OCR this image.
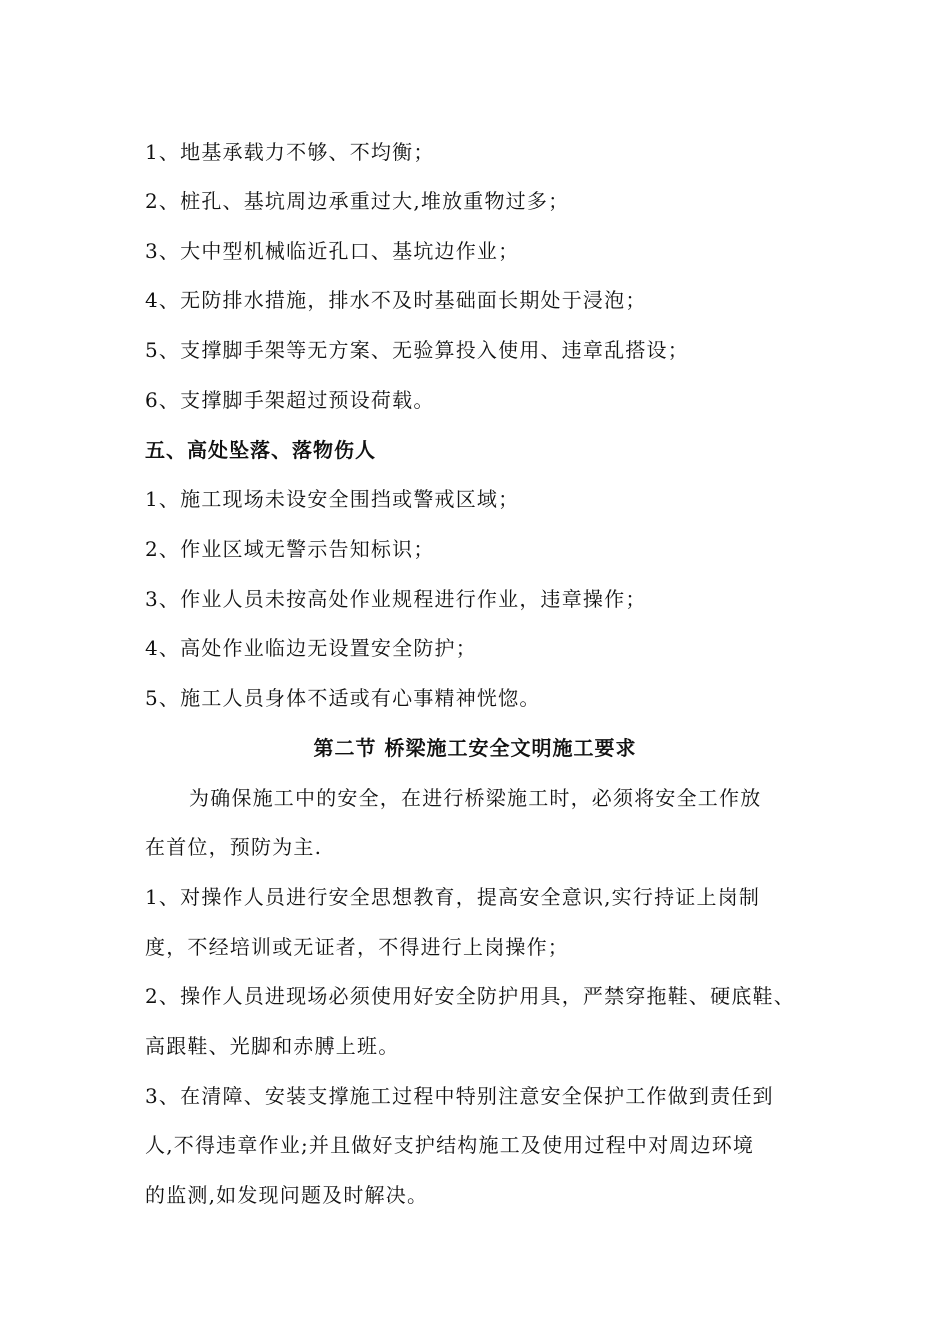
1、地基承载力不够、不均衡；
2、桩孔、基坑周边承重过大,堆放重物过多；
3、大中型机械临近孔口、基坑边作业；
4、无防排水措施，排水不及时基础面长期处于浸泡；
5、支撑脚手架等无方案、无验算投入使用、违章乱搭设；
6、支撑脚手架超过预设荷载。
五、高处坠落、落物伤人
1、施工现场未设安全围挡或警戒区域；
2、作业区域无警示告知标识；
3、作业人员未按高处作业规程进行作业，违章操作；
4、高处作业临边无设置安全防护；
5、施工人员身体不适或有心事精神恍惚。
第二节 桥梁施工安全文明施工要求
为确保施工中的安全，在进行桥梁施工时，必须将安全工作放
在首位，预防为主.
1、对操作人员进行安全思想教育，提高安全意识,实行持证上岗制
度，不经培训或无证者，不得进行上岗操作；
2、操作人员进现场必须使用好安全防护用具，严禁穿拖鞋、硬底鞋、
高跟鞋、光脚和赤膊上班。
3、在清障、安装支撑施工过程中特别注意安全保护工作做到责任到
人,不得违章作业;并且做好支护结构施工及使用过程中对周边环境
的监测,如发现问题及时解决。
